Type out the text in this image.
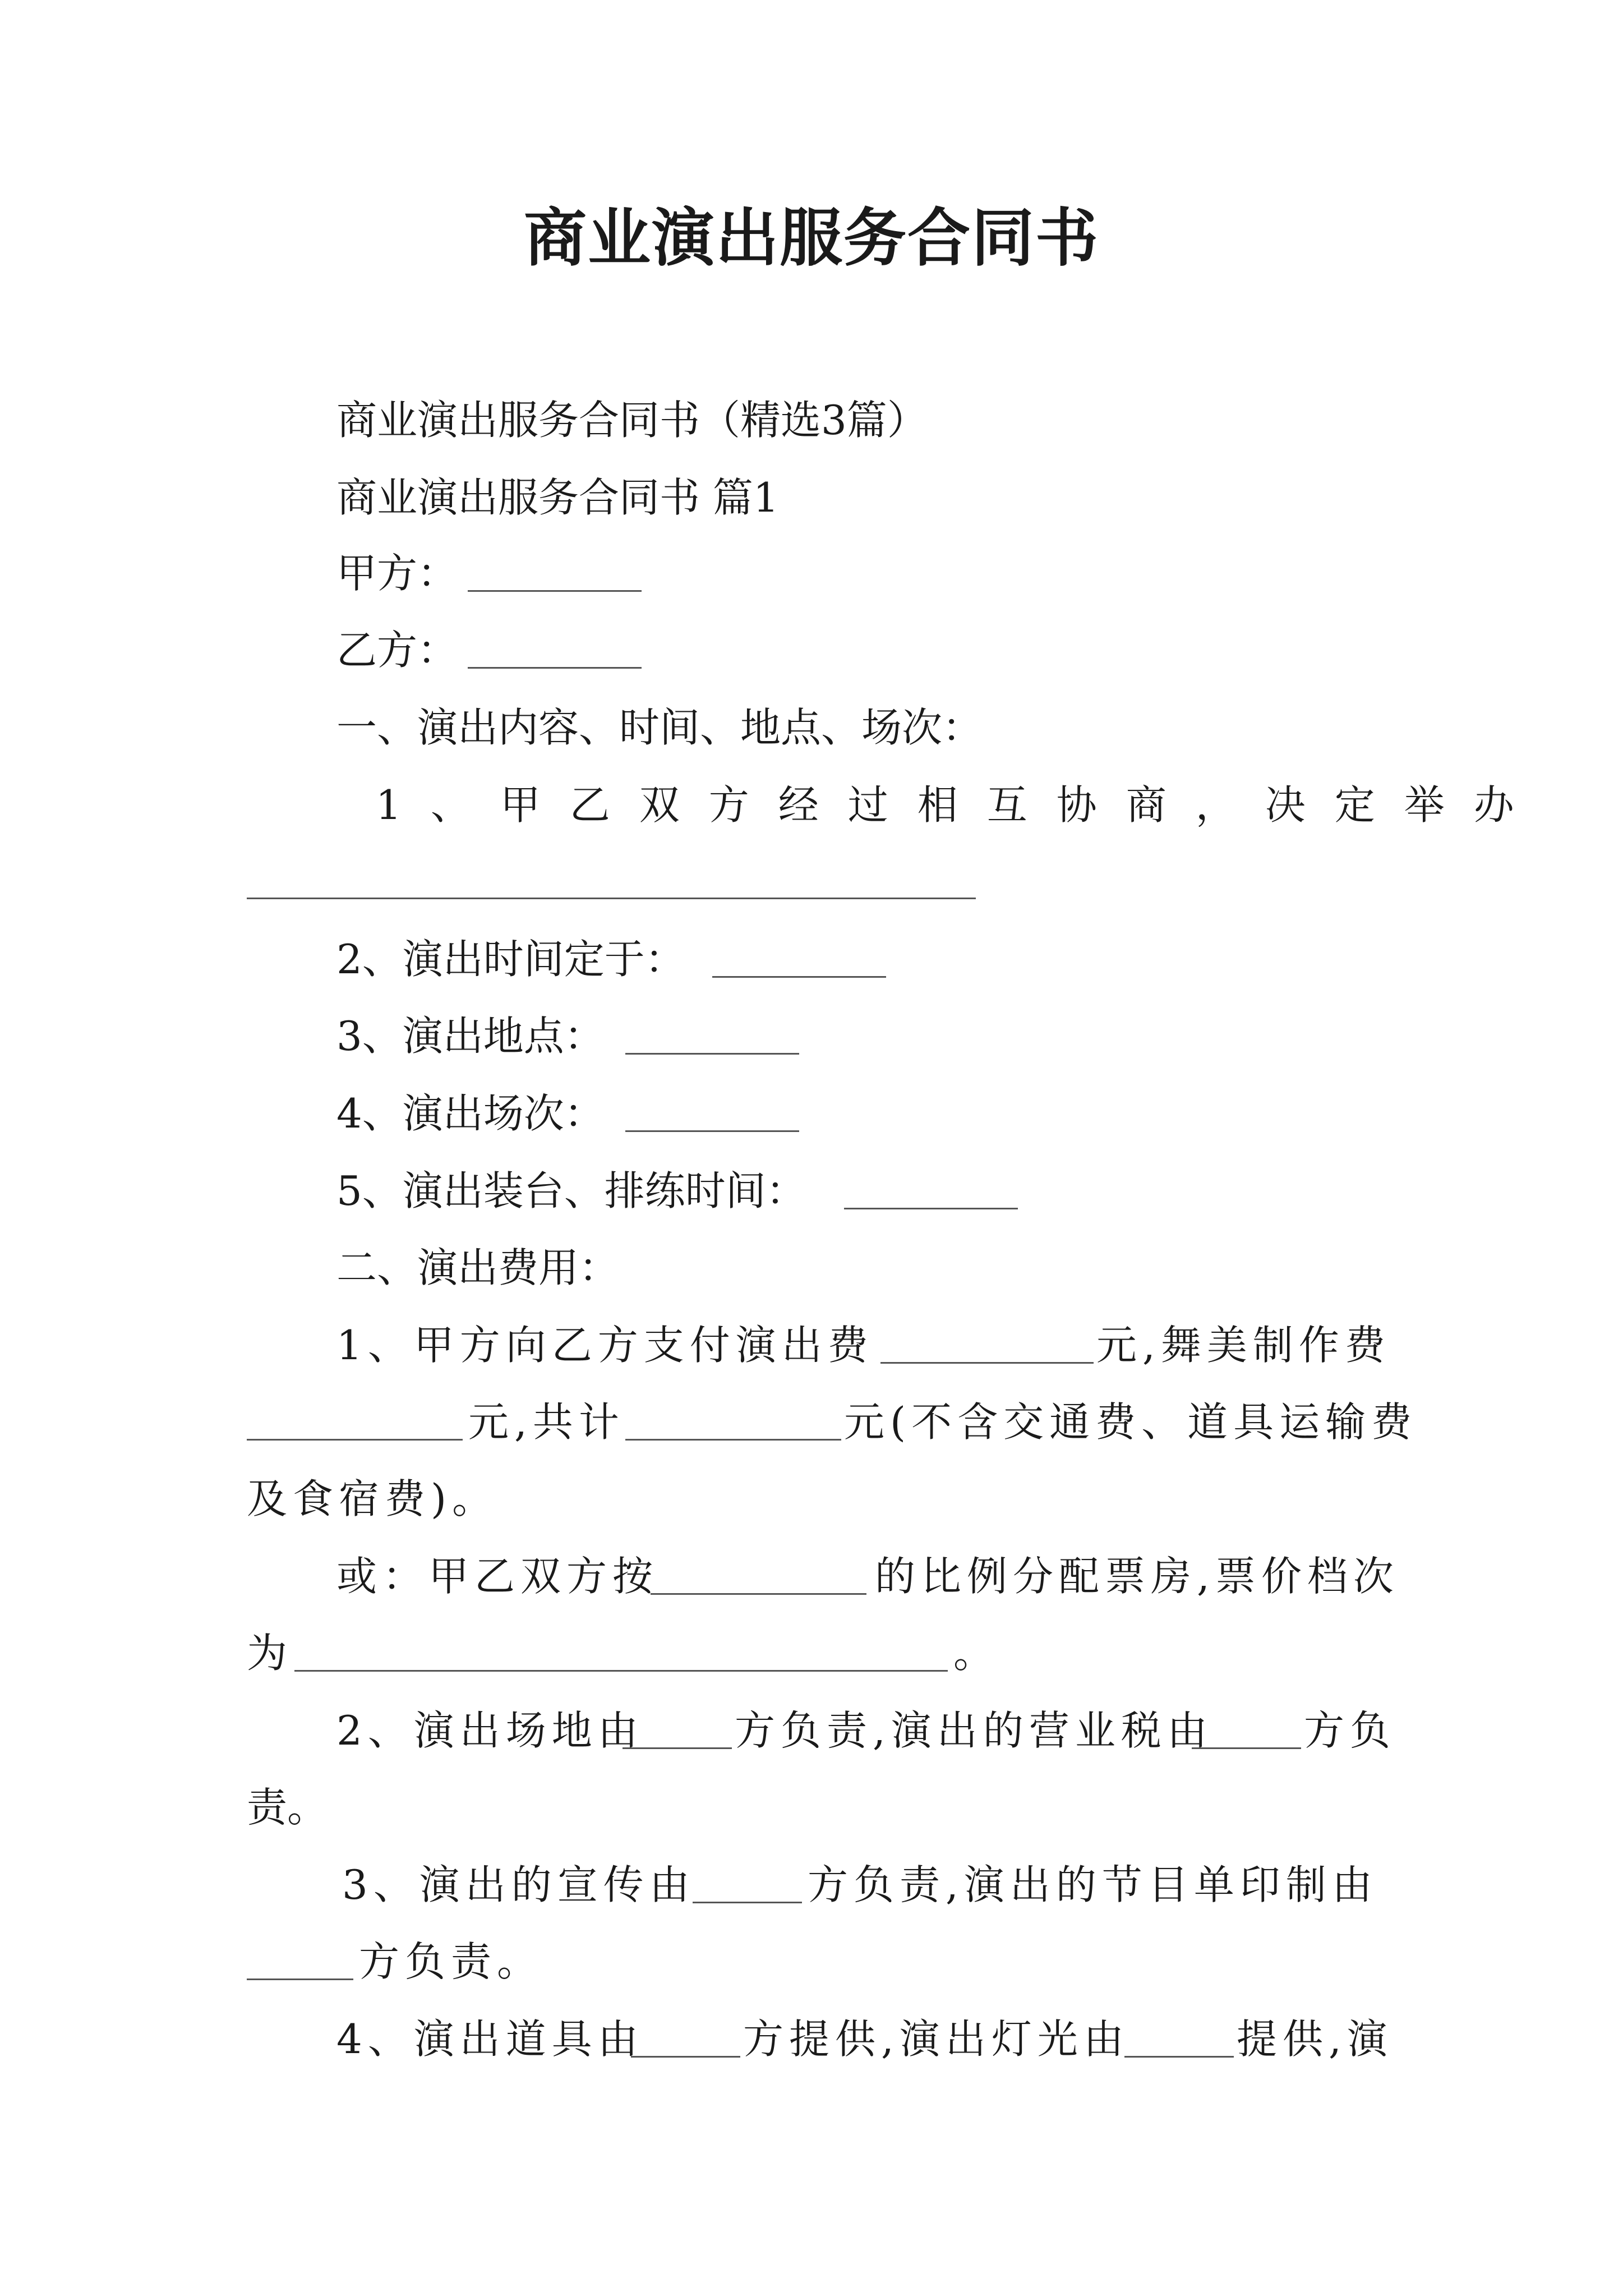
商业演出服务合同书
商业演出服务合同书（精选3篇）
商业演出服务合同书 篇1
甲方：
乙方：
一、演出内容、时间、地点、场次：
1、甲乙双方经过相互协商，决定举办
2、演出时间定于：
3、演出地点：
4、演出场次：
5、演出装台、排练时间：
二、演出费用：
1、甲方向乙方支付演出费	元,舞美制作费
元,共计	元(不含交通费、道具运输费
及食宿费)。
或：甲乙双方按	的比例分配票房,票价档次
为	。
2、演出场地由 方负责,演出的营业税由 方负
责。
3、演出的宣传由	方负责,演出的节目单印制由
方负责。
4、演出道具由 方提供,演出灯光由	提供,演
